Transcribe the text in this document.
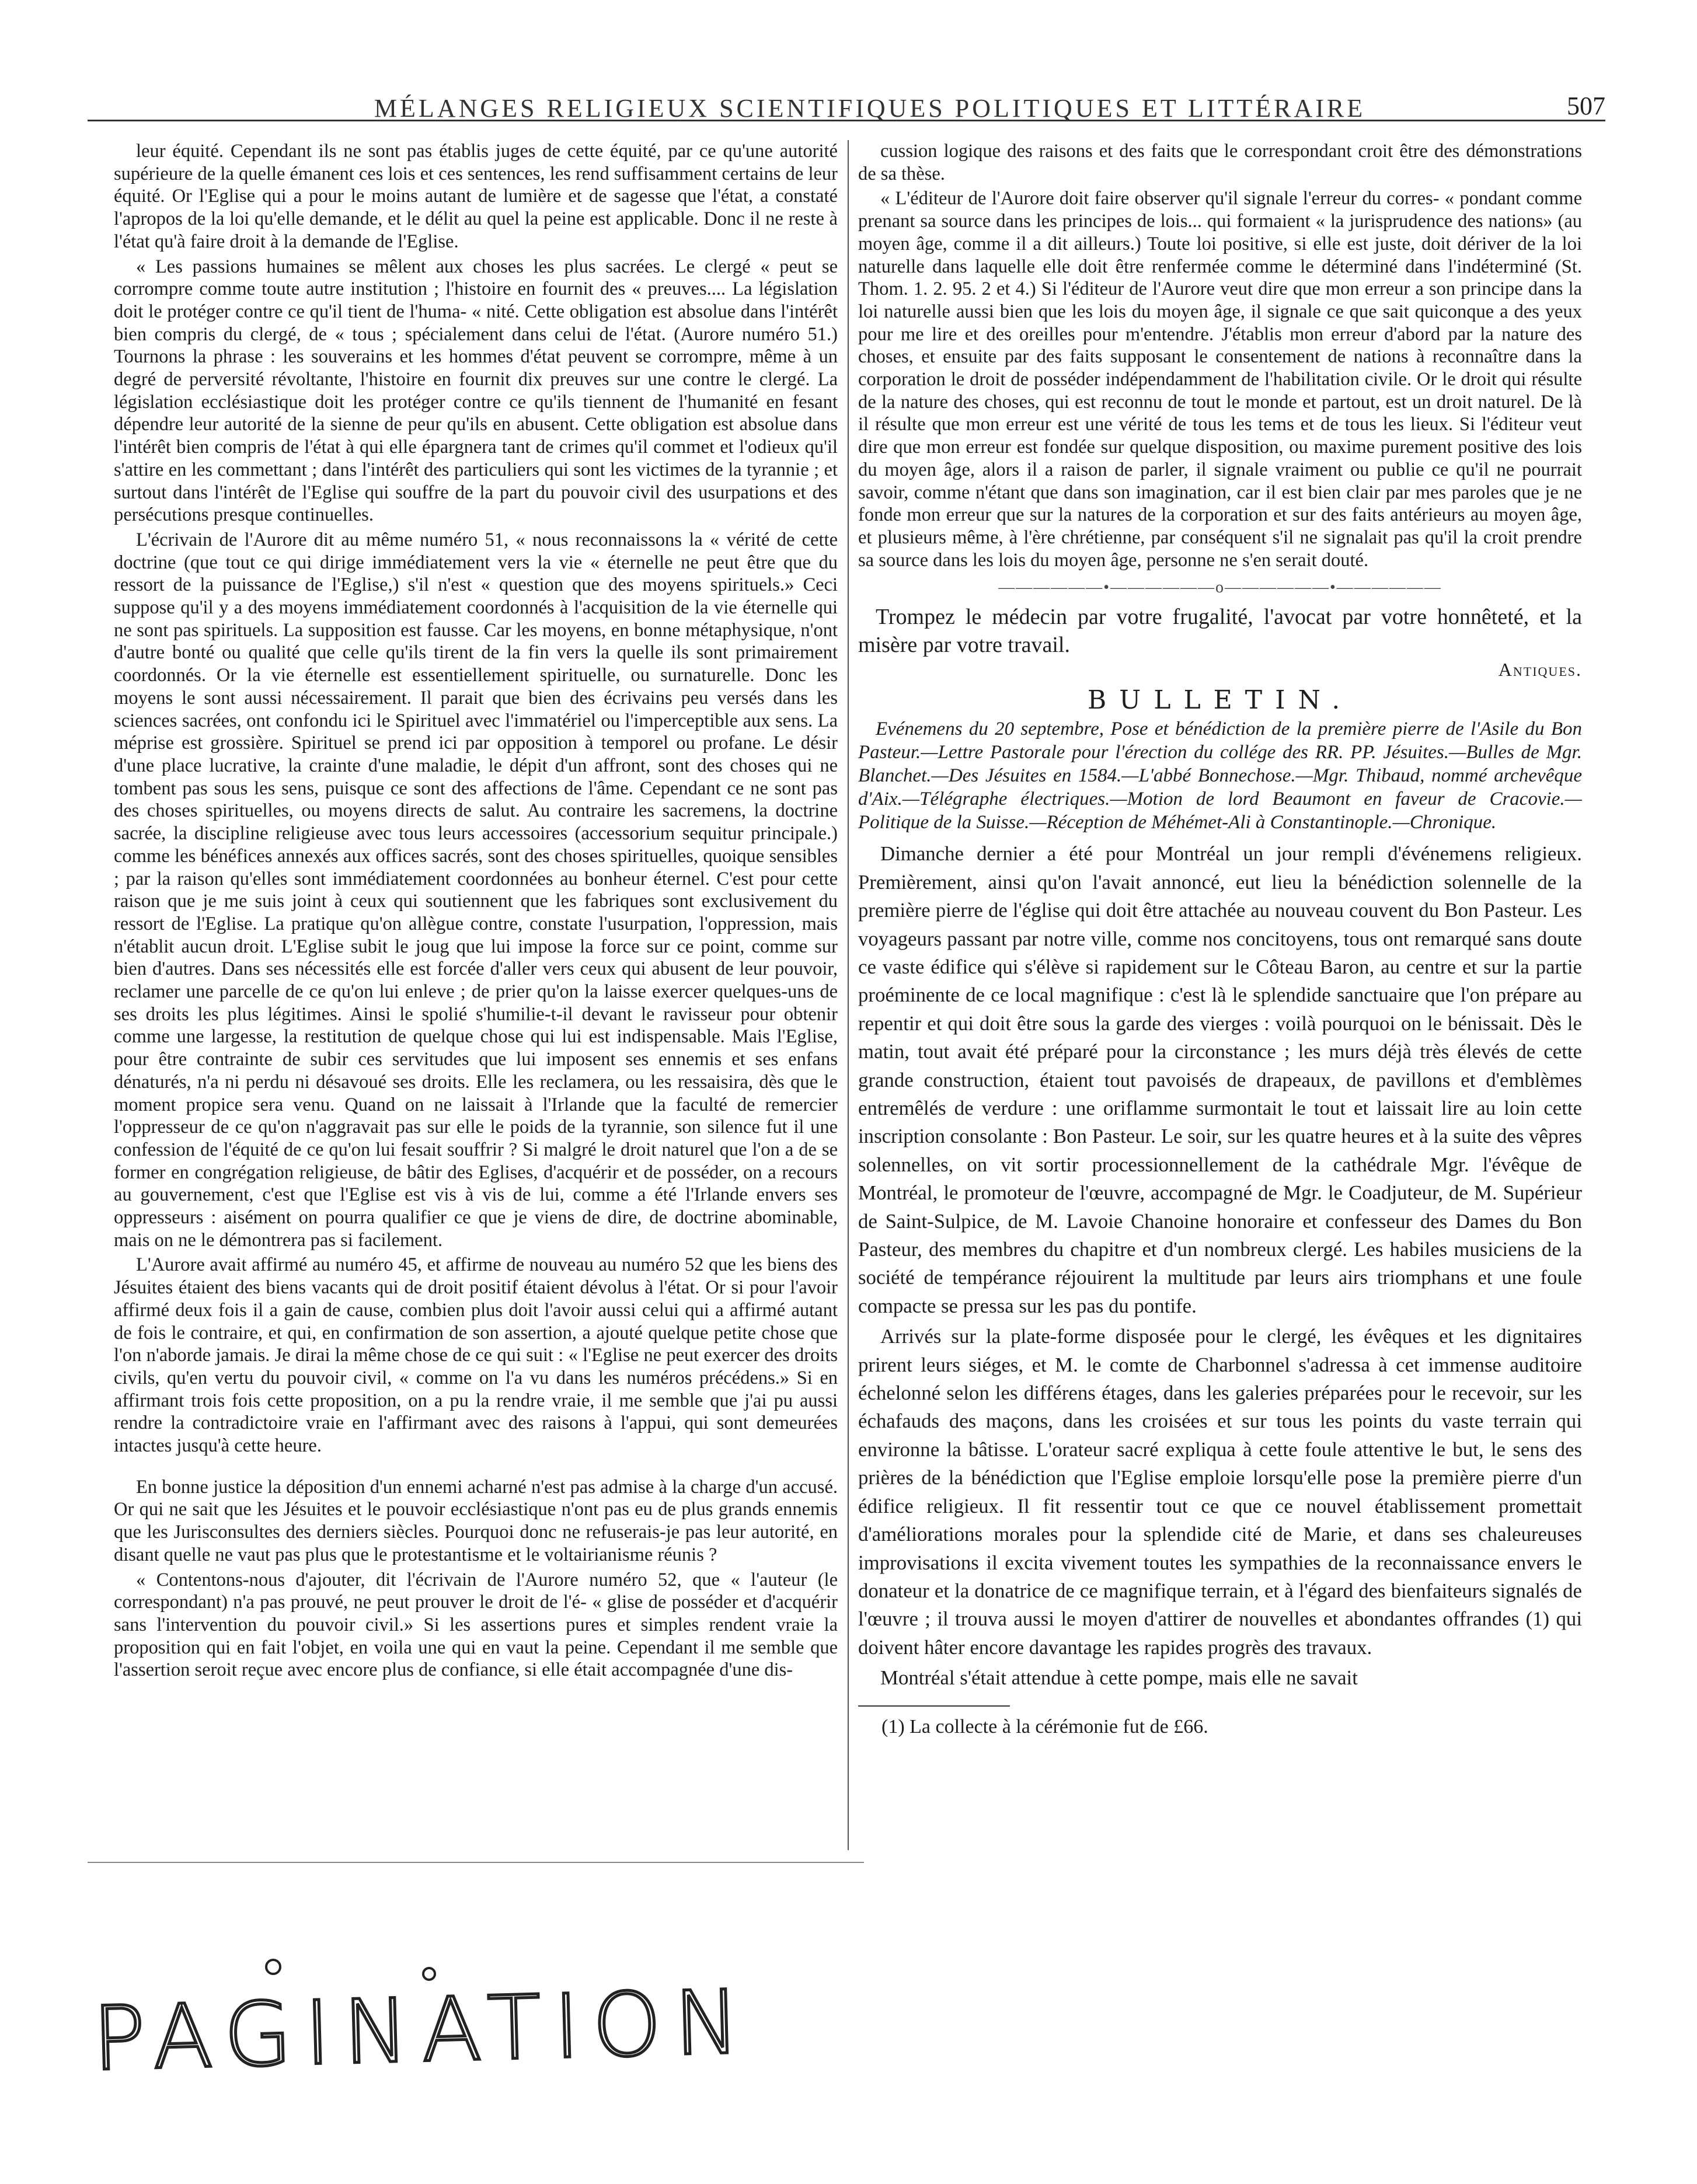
MÉLANGES RELIGIEUX SCIENTIFIQUES POLITIQUES ET LITTÉRAIRE	507

leur équité. Cependant ils ne sont pas établis juges de cette équité, par ce qu'une autorité supérieure de la quelle émanent ces lois et ces sentences, les rend suffisamment certains de leur équité. Or l'Eglise qui a pour le moins autant de lumière et de sagesse que l'état, a constaté l'apropos de la loi qu'elle demande, et le délit au quel la peine est applicable. Donc il ne reste à l'état qu'à faire droit à la demande de l'Eglise.

« Les passions humaines se mêlent aux choses les plus sacrées. Le clergé « peut se corrompre comme toute autre institution ; l'histoire en fournit des « preuves.... La législation doit le protéger contre ce qu'il tient de l'huma- « nité. Cette obligation est absolue dans l'intérêt bien compris du clergé, de « tous ; spécialement dans celui de l'état. (Aurore numéro 51.) Tournons la phrase : les souverains et les hommes d'état peuvent se corrompre, même à un degré de perversité révoltante, l'histoire en fournit dix preuves sur une contre le clergé. La législation ecclésiastique doit les protéger contre ce qu'ils tiennent de l'humanité en fesant dépendre leur autorité de la sienne de peur qu'ils en abusent. Cette obligation est absolue dans l'intérêt bien compris de l'état à qui elle épargnera tant de crimes qu'il commet et l'odieux qu'il s'attire en les commettant ; dans l'intérêt des particuliers qui sont les victimes de la tyrannie ; et surtout dans l'intérêt de l'Eglise qui souffre de la part du pouvoir civil des usurpations et des persécutions presque continuelles.

L'écrivain de l'Aurore dit au même numéro 51, « nous reconnaissons la « vérité de cette doctrine (que tout ce qui dirige immédiatement vers la vie « éternelle ne peut être que du ressort de la puissance de l'Eglise,) s'il n'est « question que des moyens spirituels.» Ceci suppose qu'il y a des moyens immédiatement coordonnés à l'acquisition de la vie éternelle qui ne sont pas spirituels. La supposition est fausse. Car les moyens, en bonne métaphysique, n'ont d'autre bonté ou qualité que celle qu'ils tirent de la fin vers la quelle ils sont primairement coordonnés. Or la vie éternelle est essentiellement spirituelle, ou surnaturelle. Donc les moyens le sont aussi nécessairement. Il parait que bien des écrivains peu versés dans les sciences sacrées, ont confondu ici le Spirituel avec l'immatériel ou l'imperceptible aux sens. La méprise est grossière. Spirituel se prend ici par opposition à temporel ou profane. Le désir d'une place lucrative, la crainte d'une maladie, le dépit d'un affront, sont des choses qui ne tombent pas sous les sens, puisque ce sont des affections de l'âme. Cependant ce ne sont pas des choses spirituelles, ou moyens directs de salut. Au contraire les sacremens, la doctrine sacrée, la discipline religieuse avec tous leurs accessoires (accessorium sequitur principale.) comme les bénéfices annexés aux offices sacrés, sont des choses spirituelles, quoique sensibles ; par la raison qu'elles sont immédiatement coordonnées au bonheur éternel. C'est pour cette raison que je me suis joint à ceux qui soutiennent que les fabriques sont exclusivement du ressort de l'Eglise. La pratique qu'on allègue contre, constate l'usurpation, l'oppression, mais n'établit aucun droit. L'Eglise subit le joug que lui impose la force sur ce point, comme sur bien d'autres. Dans ses nécessités elle est forcée d'aller vers ceux qui abusent de leur pouvoir, reclamer une parcelle de ce qu'on lui enleve ; de prier qu'on la laisse exercer quelques-uns de ses droits les plus légitimes. Ainsi le spolié s'humilie-t-il devant le ravisseur pour obtenir comme une largesse, la restitution de quelque chose qui lui est indispensable. Mais l'Eglise, pour être contrainte de subir ces servitudes que lui imposent ses ennemis et ses enfans dénaturés, n'a ni perdu ni désavoué ses droits. Elle les reclamera, ou les ressaisira, dès que le moment propice sera venu. Quand on ne laissait à l'Irlande que la faculté de remercier l'oppresseur de ce qu'on n'aggravait pas sur elle le poids de la tyrannie, son silence fut il une confession de l'équité de ce qu'on lui fesait souffrir ? Si malgré le droit naturel que l'on a de se former en congrégation religieuse, de bâtir des Eglises, d'acquérir et de posséder, on a recours au gouvernement, c'est que l'Eglise est vis à vis de lui, comme a été l'Irlande envers ses oppresseurs : aisément on pourra qualifier ce que je viens de dire, de doctrine abominable, mais on ne le démontrera pas si facilement.

L'Aurore avait affirmé au numéro 45, et affirme de nouveau au numéro 52 que les biens des Jésuites étaient des biens vacants qui de droit positif étaient dévolus à l'état. Or si pour l'avoir affirmé deux fois il a gain de cause, combien plus doit l'avoir aussi celui qui a affirmé autant de fois le contraire, et qui, en confirmation de son assertion, a ajouté quelque petite chose que l'on n'aborde jamais. Je dirai la même chose de ce qui suit : « l'Eglise ne peut exercer des droits civils, qu'en vertu du pouvoir civil, « comme on l'a vu dans les numéros précédens.» Si en affirmant trois fois cette proposition, on a pu la rendre vraie, il me semble que j'ai pu aussi rendre la contradictoire vraie en l'affirmant avec des raisons à l'appui, qui sont demeurées intactes jusqu'à cette heure.

En bonne justice la déposition d'un ennemi acharné n'est pas admise à la charge d'un accusé. Or qui ne sait que les Jésuites et le pouvoir ecclésiastique n'ont pas eu de plus grands ennemis que les Jurisconsultes des derniers siècles. Pourquoi donc ne refuserais-je pas leur autorité, en disant quelle ne vaut pas plus que le protestantisme et le voltairianisme réunis ?

« Contentons-nous d'ajouter, dit l'écrivain de l'Aurore numéro 52, que « l'auteur (le correspondant) n'a pas prouvé, ne peut prouver le droit de l'é- « glise de posséder et d'acquérir sans l'intervention du pouvoir civil.» Si les assertions pures et simples rendent vraie la proposition qui en fait l'objet, en voila une qui en vaut la peine. Cependant il me semble que l'assertion seroit reçue avec encore plus de confiance, si elle était accompagnée d'une dis-

cussion logique des raisons et des faits que le correspondant croit être des démonstrations de sa thèse.

« L'éditeur de l'Aurore doit faire observer qu'il signale l'erreur du corres- « pondant comme prenant sa source dans les principes de lois... qui formaient « la jurisprudence des nations» (au moyen âge, comme il a dit ailleurs.) Toute loi positive, si elle est juste, doit dériver de la loi naturelle dans laquelle elle doit être renfermée comme le déterminé dans l'indéterminé (St. Thom. 1. 2. 95. 2 et 4.) Si l'éditeur de l'Aurore veut dire que mon erreur a son principe dans la loi naturelle aussi bien que les lois du moyen âge, il signale ce que sait quiconque a des yeux pour me lire et des oreilles pour m'entendre. J'établis mon erreur d'abord par la nature des choses, et ensuite par des faits supposant le consentement de nations à reconnaître dans la corporation le droit de posséder indépendamment de l'habilitation civile. Or le droit qui résulte de la nature des choses, qui est reconnu de tout le monde et partout, est un droit naturel. De là il résulte que mon erreur est une vérité de tous les tems et de tous les lieux. Si l'éditeur veut dire que mon erreur est fondée sur quelque disposition, ou maxime purement positive des lois du moyen âge, alors il a raison de parler, il signale vraiment ou publie ce qu'il ne pourrait savoir, comme n'étant que dans son imagination, car il est bien clair par mes paroles que je ne fonde mon erreur que sur la natures de la corporation et sur des faits antérieurs au moyen âge, et plusieurs même, à l'ère chrétienne, par conséquent s'il ne signalait pas qu'il la croit prendre sa source dans les lois du moyen âge, personne ne s'en serait douté.

——————•——————o——————•——————

Trompez le médecin par votre frugalité, l'avocat par votre honnêteté, et la misère par votre travail.

Antiques.

BULLETIN.

Evénemens du 20 septembre, Pose et bénédiction de la première pierre de l'Asile du Bon Pasteur.—Lettre Pastorale pour l'érection du collége des RR. PP. Jésuites.—Bulles de Mgr. Blanchet.—Des Jésuites en 1584.—L'abbé Bonnechose.—Mgr. Thibaud, nommé archevêque d'Aix.—Télégraphe électriques.—Motion de lord Beaumont en faveur de Cracovie.—Politique de la Suisse.—Réception de Méhémet-Ali à Constantinople.—Chronique.

Dimanche dernier a été pour Montréal un jour rempli d'événemens religieux. Premièrement, ainsi qu'on l'avait annoncé, eut lieu la bénédiction solennelle de la première pierre de l'église qui doit être attachée au nouveau couvent du Bon Pasteur. Les voyageurs passant par notre ville, comme nos concitoyens, tous ont remarqué sans doute ce vaste édifice qui s'élève si rapidement sur le Côteau Baron, au centre et sur la partie proéminente de ce local magnifique : c'est là le splendide sanctuaire que l'on prépare au repentir et qui doit être sous la garde des vierges : voilà pourquoi on le bénissait. Dès le matin, tout avait été préparé pour la circonstance ; les murs déjà très élevés de cette grande construction, étaient tout pavoisés de drapeaux, de pavillons et d'emblèmes entremêlés de verdure : une oriflamme surmontait le tout et laissait lire au loin cette inscription consolante : Bon Pasteur. Le soir, sur les quatre heures et à la suite des vêpres solennelles, on vit sortir processionnellement de la cathédrale Mgr. l'évêque de Montréal, le promoteur de l'œuvre, accompagné de Mgr. le Coadjuteur, de M. Supérieur de Saint-Sulpice, de M. Lavoie Chanoine honoraire et confesseur des Dames du Bon Pasteur, des membres du chapitre et d'un nombreux clergé. Les habiles musiciens de la société de tempérance réjouirent la multitude par leurs airs triomphans et une foule compacte se pressa sur les pas du pontife.

Arrivés sur la plate-forme disposée pour le clergé, les évêques et les dignitaires prirent leurs siéges, et M. le comte de Charbonnel s'adressa à cet immense auditoire échelonné selon les différens étages, dans les galeries préparées pour le recevoir, sur les échafauds des maçons, dans les croisées et sur tous les points du vaste terrain qui environne la bâtisse. L'orateur sacré expliqua à cette foule attentive le but, le sens des prières de la bénédiction que l'Eglise emploie lorsqu'elle pose la première pierre d'un édifice religieux. Il fit ressentir tout ce que ce nouvel établissement promettait d'améliorations morales pour la splendide cité de Marie, et dans ses chaleureuses improvisations il excita vivement toutes les sympathies de la reconnaissance envers le donateur et la donatrice de ce magnifique terrain, et à l'égard des bienfaiteurs signalés de l'œuvre ; il trouva aussi le moyen d'attirer de nouvelles et abondantes offrandes (1) qui doivent hâter encore davantage les rapides progrès des travaux.

Montréal s'était attendue à cette pompe, mais elle ne savait

(1) La collecte à la cérémonie fut de £66.

PAGINATION
